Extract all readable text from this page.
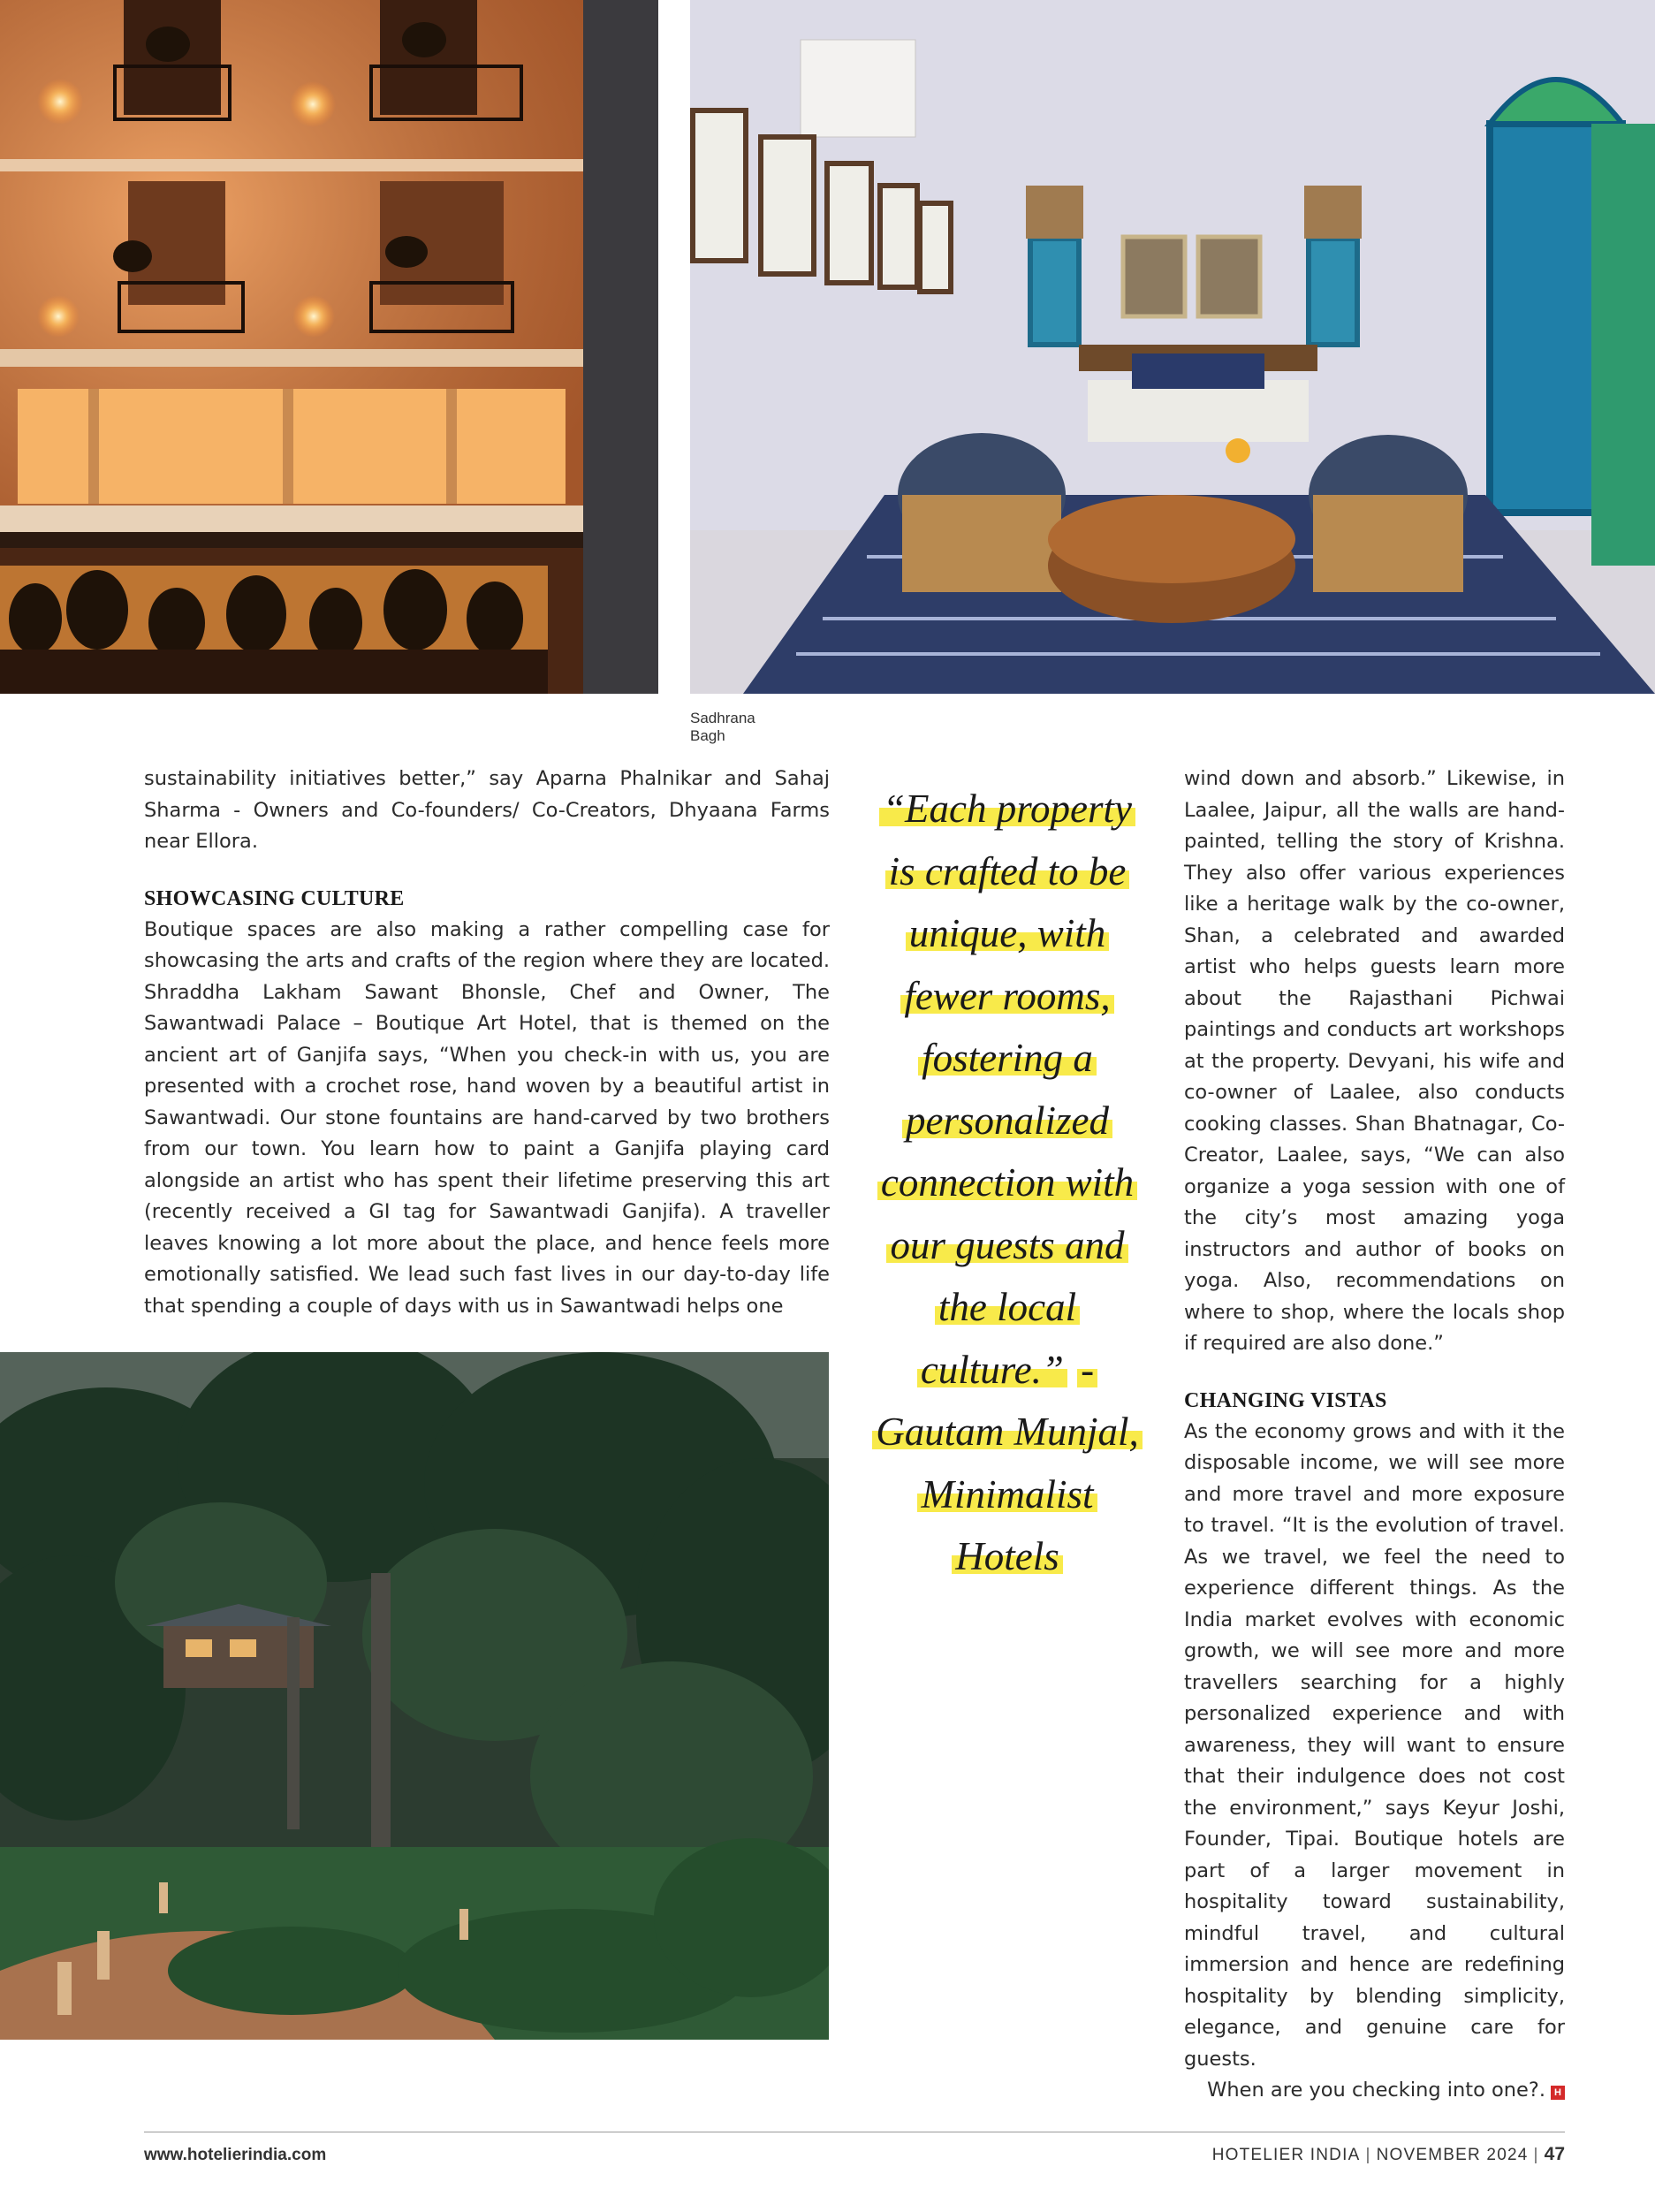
Sadhrana Bagh

sustainability initiatives better,” say Aparna Phalnikar and Sahaj Sharma - Owners and Co-founders/ Co-Creators, Dhyaana Farms near Ellora.

SHOWCASING CULTURE

Boutique spaces are also making a rather compelling case for showcasing the arts and crafts of the region where they are located. Shraddha Lakham Sawant Bhonsle, Chef and Owner, The Sawantwadi Palace – Boutique Art Hotel, that is themed on the ancient art of Ganjifa says, “When you check-in with us, you are presented with a crochet rose, hand woven by a beautiful artist in Sawantwadi. Our stone fountains are hand-carved by two brothers from our town. You learn how to paint a Ganjifa playing card alongside an artist who has spent their lifetime preserving this art (recently received a GI tag for Sawantwadi Ganjifa). A traveller leaves knowing a lot more about the place, and hence feels more emotionally satisfied. We lead such fast lives in our day-to-day life that spending a couple of days with us in Sawantwadi helps one

“Each property is crafted to be unique, with fewer rooms, fostering a personalized connection with our guests and the local culture.” - Gautam Munjal, Minimalist Hotels

wind down and absorb.” Likewise, in Laalee, Jaipur, all the walls are hand-painted, telling the story of Krishna. They also offer various experiences like a heritage walk by the co-owner, Shan, a celebrated and awarded artist who helps guests learn more about the Rajasthani Pichwai paintings and conducts art workshops at the property. Devyani, his wife and co-owner of Laalee, also conducts cooking classes. Shan Bhatnagar, Co-Creator, Laalee, says, “We can also organize a yoga session with one of the city’s most amazing yoga instructors and author of books on yoga. Also, recommendations on where to shop, where the locals shop if required are also done.”

CHANGING VISTAS

As the economy grows and with it the disposable income, we will see more and more travel and more exposure to travel. “It is the evolution of travel. As we travel, we feel the need to experience different things. As the India market evolves with economic growth, we will see more and more travellers searching for a highly personalized experience and with awareness, they will want to ensure that their indulgence does not cost the environment,” says Keyur Joshi, Founder, Tipai. Boutique hotels are part of a larger movement in hospitality toward sustainability, mindful travel, and cultural immersion and hence are redefining hospitality by blending simplicity, elegance, and genuine care for guests.

When are you checking into one?. H

www.hotelierindia.com	HOTELIER INDIA | NOVEMBER 2024 | 47
